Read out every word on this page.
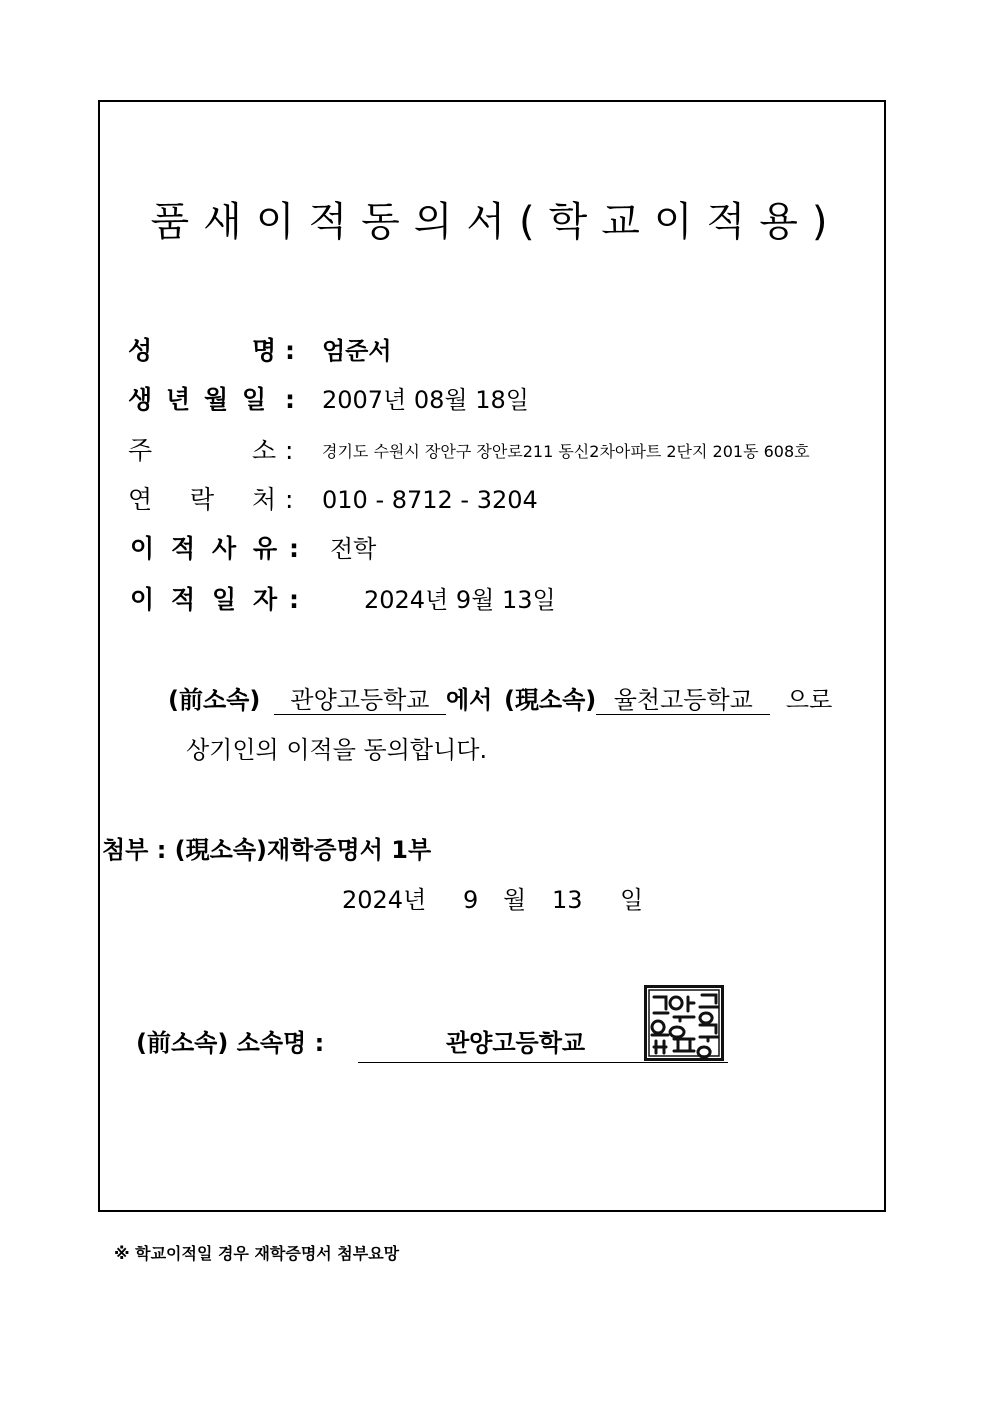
품새이적동의서(학교이적용)
성	명 : 엄준서
생 년 월 일 : 2007년 08월 18일
주	소 : 경기도 수원시 장안구 장안로211 동신2차아파트 2단지 201동 608호
연 락 처 : 010 - 8712 - 3204
이 적 사 유 : 전학
이 적 일 자 :	2024년 9월 13일
(前소속) 관양고등학교 에서 (現소속) 율천고등학교 으로
상기인의 이적을 동의합니다.
첨부 : (現소속)재학증명서 1부
2024년 9 월 13 일
(前소속) 소속명 :	관양고등학교
※ 학교이적일 경우 재학증명서 첨부요망
